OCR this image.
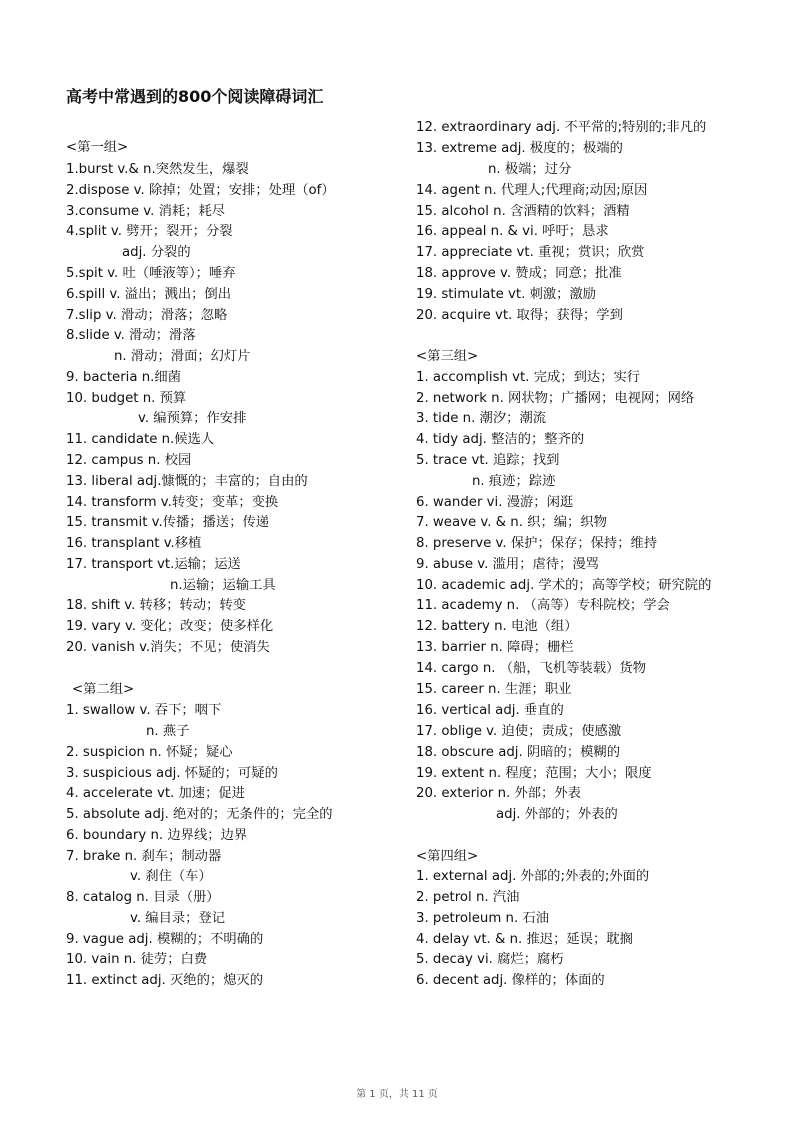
高考中常遇到的800个阅读障碍词汇
<第一组>
1.burst v.& n.突然发生，爆裂
2.dispose v. 除掉；处置；安排；处理（of）
3.consume v. 消耗；耗尽
4.split v. 劈开；裂开；分裂
adj. 分裂的
5.spit v. 吐（唾液等）；唾弃
6.spill v. 溢出；溅出；倒出
7.slip v. 滑动；滑落；忽略
8.slide v. 滑动；滑落
n. 滑动；滑面；幻灯片
9. bacteria n.细菌
10. budget n. 预算
v. 编预算；作安排
11. candidate n.候选人
12. campus n. 校园
13. liberal adj.慷慨的；丰富的；自由的
14. transform v.转变；变革；变换
15. transmit v.传播；播送；传递
16. transplant v.移植
17. transport vt.运输；运送
n.运输；运输工具
18. shift v. 转移；转动；转变
19. vary v. 变化；改变；使多样化
20. vanish v.消失；不见；使消失
<第二组>
1. swallow v. 吞下；咽下
n. 燕子
2. suspicion n. 怀疑；疑心
3. suspicious adj. 怀疑的；可疑的
4. accelerate vt. 加速；促进
5. absolute adj. 绝对的；无条件的；完全的
6. boundary n. 边界线；边界
7. brake n. 刹车；制动器
v. 刹住（车）
8. catalog n. 目录（册）
v. 编目录；登记
9. vague adj. 模糊的；不明确的
10. vain n. 徒劳；白费
11. extinct adj. 灭绝的；熄灭的
12. extraordinary adj. 不平常的;特别的;非凡的
13. extreme adj. 极度的；极端的
n. 极端；过分
14. agent n. 代理人;代理商;动因;原因
15. alcohol n. 含酒精的饮料；酒精
16. appeal n. & vi. 呼吁；恳求
17. appreciate vt. 重视；赏识；欣赏
18. approve v. 赞成；同意；批准
19. stimulate vt. 刺激；激励
20. acquire vt. 取得；获得；学到
<第三组>
1. accomplish vt. 完成；到达；实行
2. network n. 网状物；广播网；电视网；网络
3. tide n. 潮汐；潮流
4. tidy adj. 整洁的；整齐的
5. trace vt. 追踪；找到
n. 痕迹；踪迹
6. wander vi. 漫游；闲逛
7. weave v. & n. 织；编；织物
8. preserve v. 保护；保存；保持；维持
9. abuse v. 滥用；虐待；漫骂
10. academic adj. 学术的；高等学校；研究院的
11. academy n. （高等）专科院校；学会
12. battery n. 电池（组）
13. barrier n. 障碍；栅栏
14. cargo n. （船，飞机等装载）货物
15. career n. 生涯；职业
16. vertical adj. 垂直的
17. oblige v. 迫使；责成；使感激
18. obscure adj. 阴暗的；模糊的
19. extent n. 程度；范围；大小；限度
20. exterior n. 外部；外表
adj. 外部的；外表的
<第四组>
1. external adj. 外部的;外表的;外面的
2. petrol n. 汽油
3. petroleum n. 石油
4. delay vt. & n. 推迟；延误；耽搁
5. decay vi. 腐烂；腐朽
6. decent adj. 像样的；体面的
第 1 页，共 11 页
